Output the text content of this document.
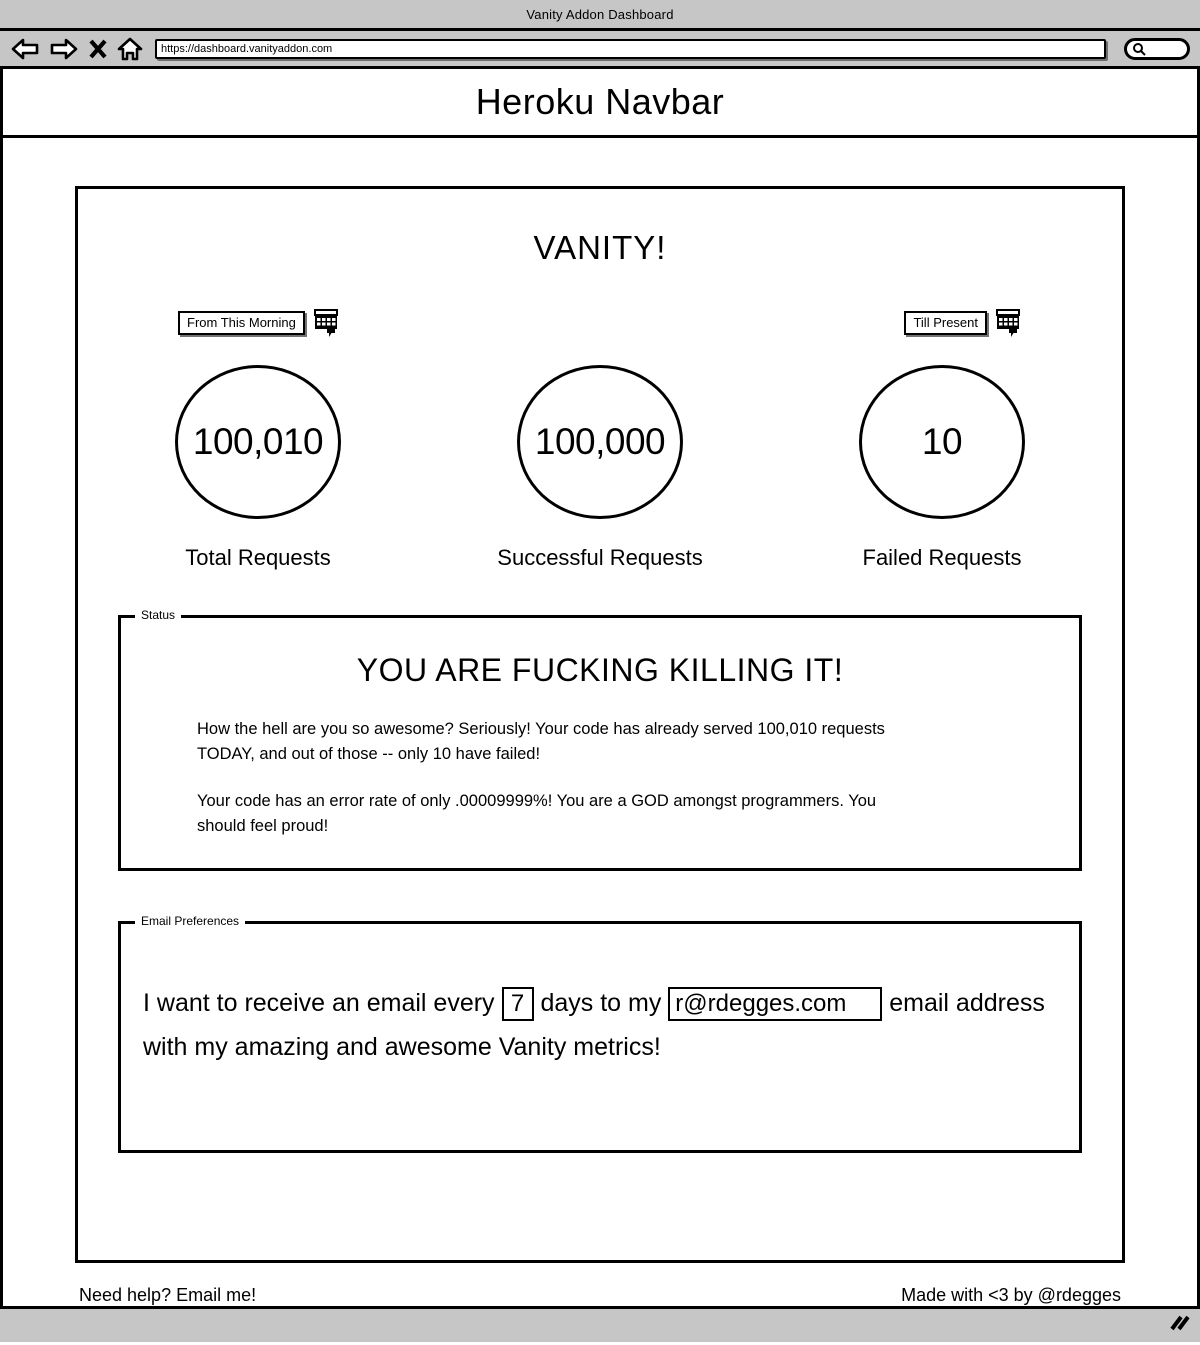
Vanity Addon Dashboard
https://dashboard.vanityaddon.com
Heroku Navbar
VANITY!
From This Morning	Till Present
100,010
Total Requests
100,000
Successful Requests
10
Failed Requests
Status
YOU ARE FUCKING KILLING IT!

How the hell are you so awesome? Seriously! Your code has already served 100,010 requests TODAY, and out of those -- only 10 have failed!

Your code has an error rate of only .00009999%! You are a GOD amongst programmers. You should feel proud!

Email Preferences
I want to receive an email every 7 days to my r@rdegges.com	email address with my amazing and awesome Vanity metrics!
Need help? Email me!	Made with <3 by @rdegges
